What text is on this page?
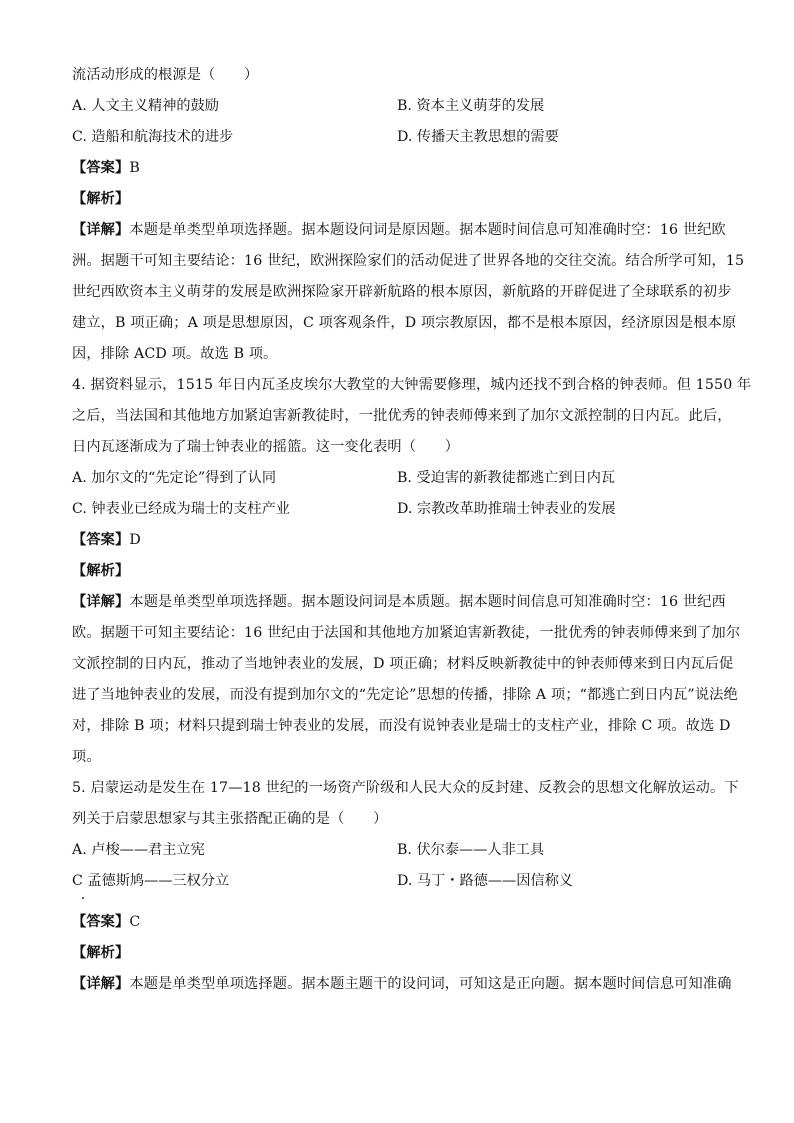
流活动形成的根源是（　　）
A. 人文主义精神的鼓励	B. 资本主义萌芽的发展
C. 造船和航海技术的进步	D. 传播天主教思想的需要
【答案】B
【解析】
【详解】本题是单类型单项选择题。据本题设问词是原因题。据本题时间信息可知准确时空：16 世纪欧
洲。据题干可知主要结论：16 世纪，欧洲探险家们的活动促进了世界各地的交往交流。结合所学可知，15
世纪西欧资本主义萌芽的发展是欧洲探险家开辟新航路的根本原因，新航路的开辟促进了全球联系的初步
建立，B 项正确；A 项是思想原因，C 项客观条件，D 项宗教原因，都不是根本原因，经济原因是根本原
因，排除 ACD 项。故选 B 项。
4. 据资料显示，1515 年日内瓦圣皮埃尔大教堂的大钟需要修理，城内还找不到合格的钟表师。但 1550 年
之后，当法国和其他地方加紧迫害新教徒时，一批优秀的钟表师傅来到了加尔文派控制的日内瓦。此后，
日内瓦逐渐成为了瑞士钟表业的摇篮。这一变化表明（　　）
A. 加尔文的“先定论”得到了认同	B. 受迫害的新教徒都逃亡到日内瓦
C. 钟表业已经成为瑞士的支柱产业	D. 宗教改革助推瑞士钟表业的发展
【答案】D
【解析】
【详解】本题是单类型单项选择题。据本题设问词是本质题。据本题时间信息可知准确时空：16 世纪西
欧。据题干可知主要结论：16 世纪由于法国和其他地方加紧迫害新教徒，一批优秀的钟表师傅来到了加尔
文派控制的日内瓦，推动了当地钟表业的发展，D 项正确；材料反映新教徒中的钟表师傅来到日内瓦后促
进了当地钟表业的发展，而没有提到加尔文的“先定论”思想的传播，排除 A 项；“都逃亡到日内瓦”说法绝
对，排除 B 项；材料只提到瑞士钟表业的发展，而没有说钟表业是瑞士的支柱产业，排除 C 项。故选 D
项。
5. 启蒙运动是发生在 17—18 世纪的一场资产阶级和人民大众的反封建、反教会的思想文化解放运动。下
列关于启蒙思想家与其主张搭配正确的是（　　）
A. 卢梭——君主立宪	B. 伏尔泰——人非工具
C 孟德斯鸠——三权分立	D. 马丁・路德——因信称义
【答案】C
【解析】
【详解】本题是单类型单项选择题。据本题主题干的设问词，可知这是正向题。据本题时间信息可知准确
